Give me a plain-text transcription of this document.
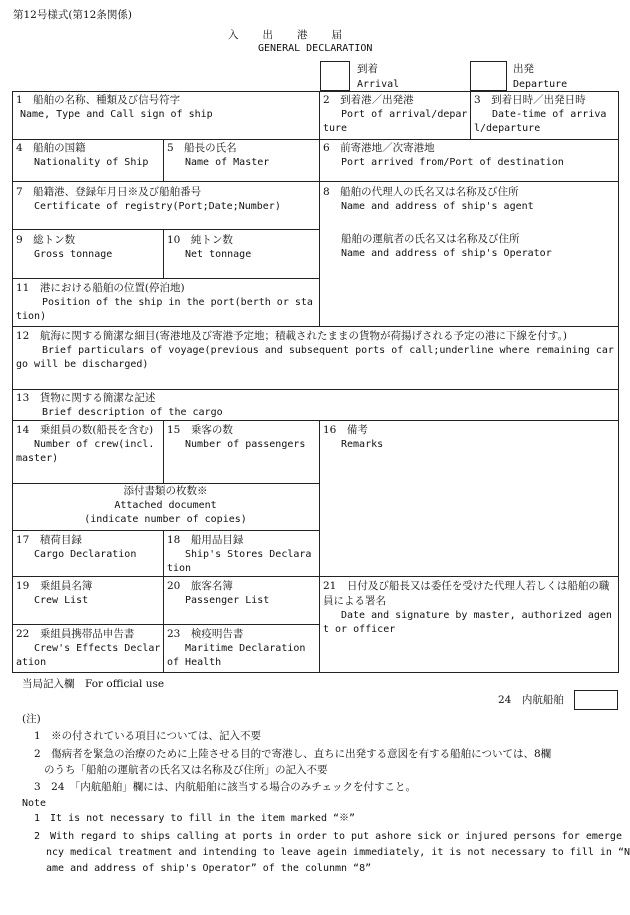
第12号様式(第12条関係)
入　　出　　港　　届
GENERAL DECLARATION
到着
Arrival
出発
Departure
1　船舶の名称、種類及び信号符字
Name, Type and Call sign of ship
2　到着港／出発港
Port of arrival/departure
3　到着日時／出発日時
Date-time of arrival/departure
4　船舶の国籍
Nationality of Ship
5　船長の氏名
Name of Master
6　前寄港地／次寄港地
Port arrived from/Port of destination
7　船籍港、登録年月日※及び船舶番号
Certificate of registry(Port;Date;Number)
8　船舶の代理人の氏名又は名称及び住所
Name and address of ship's agent
船舶の運航者の氏名又は名称及び住所
Name and address of ship's Operator
9　総トン数
Gross tonnage
10　純トン数
Net tonnage
11　港における船舶の位置(停泊地)
Position of the ship in the port(berth or station)
12　航海に関する簡潔な細目(寄港地及び寄港予定地；積載されたままの貨物が荷揚げされる予定の港に下線を付す。)
Brief particulars of voyage(previous and subsequent ports of call;underline where remaining cargo will be discharged)
13　貨物に関する簡潔な記述
Brief description of the cargo
14　乗組員の数(船長を含む)
Number of crew(incl. master)
15　乗客の数
Number of passengers
16　備考
Remarks
添付書類の枚数※
Attached document
(indicate number of copies)
17　積荷目録
Cargo Declaration
18　船用品目録
Ship's Stores Declaration
19　乗組員名簿
Crew List
20　旅客名簿
Passenger List
21　日付及び船長又は委任を受けた代理人若しくは船舶の職員による署名
Date and signature by master, authorized agent or officer
22　乗組員携帯品申告書
Crew's Effects Declaration
23　検疫明告書
Maritime Declaration of Health
当局記入欄　For official use
24　内航船舶
(注)
1　※の付されている項目については、記入不要
2　傷病者を緊急の治療のために上陸させる目的で寄港し、直ちに出発する意図を有する船舶については、8欄
のうち「船舶の運航者の氏名又は名称及び住所」の記入不要
3　24　「内航船舶」欄には、内航船舶に該当する場合のみチェックを付すこと。
Note
1　It is not necessary to fill in the item marked “※”
2　With regard to ships calling at ports in order to put ashore sick or injured persons for emerge
ncy medical treatment and intending to leave agein immediately, it is not necessary to fill in “N
ame and address of ship's Operator” of the colunmn “8”
